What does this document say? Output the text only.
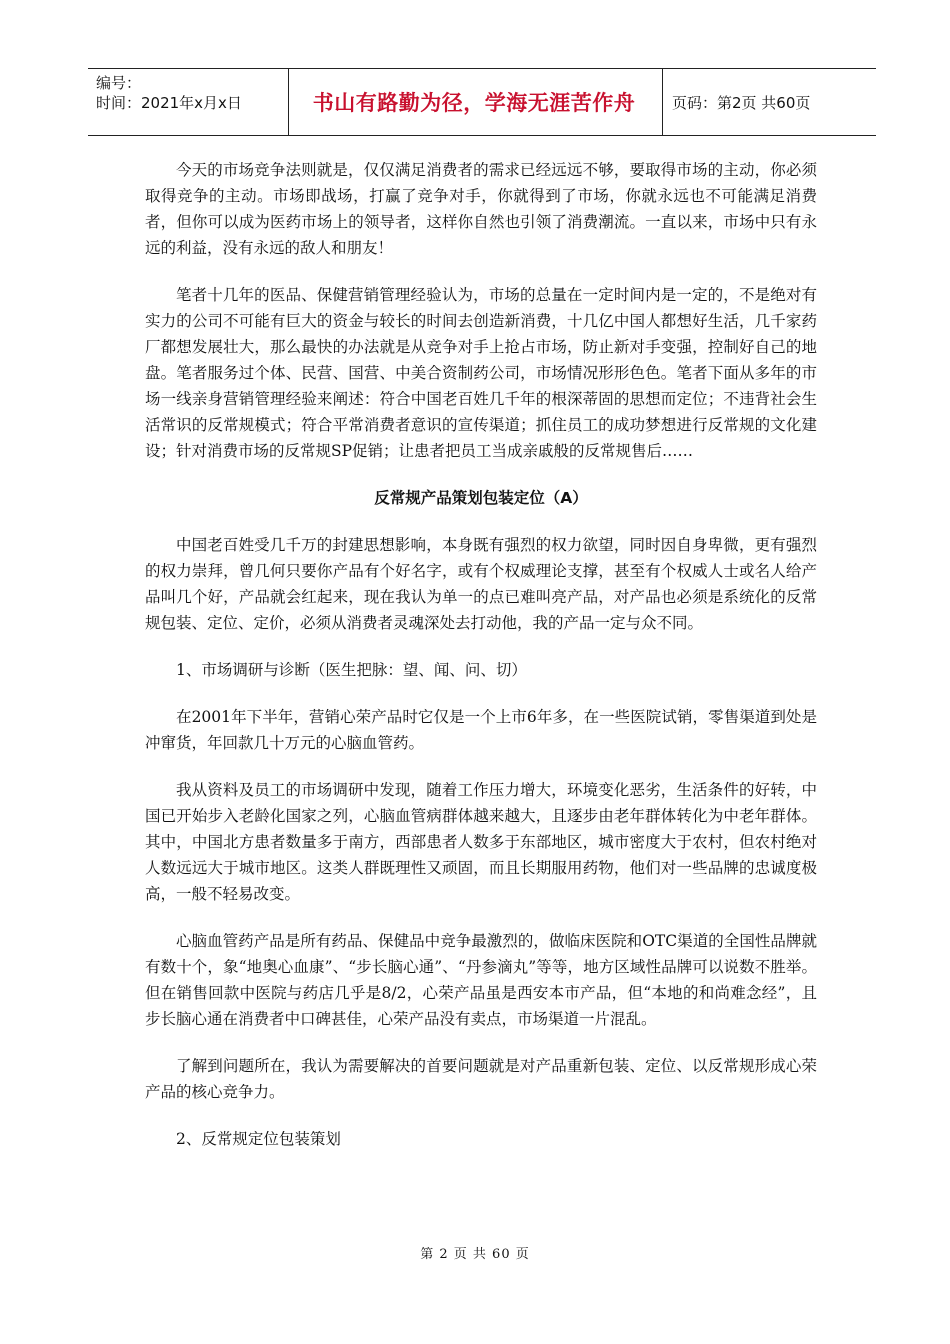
编号：
时间：2021年x月x日	书山有路勤为径，学海无涯苦作舟	页码：第2页 共60页

今天的市场竞争法则就是，仅仅满足消费者的需求已经远远不够，要取得市场的主动，你必须取得竞争的主动。市场即战场，打赢了竞争对手，你就得到了市场，你就永远也不可能满足消费者，但你可以成为医药市场上的领导者，这样你自然也引领了消费潮流。一直以来，市场中只有永远的利益，没有永远的敌人和朋友！

笔者十几年的医品、保健营销管理经验认为，市场的总量在一定时间内是一定的，不是绝对有实力的公司不可能有巨大的资金与较长的时间去创造新消费，十几亿中国人都想好生活，几千家药厂都想发展壮大，那么最快的办法就是从竞争对手上抢占市场，防止新对手变强，控制好自己的地盘。笔者服务过个体、民营、国营、中美合资制药公司，市场情况形形色色。笔者下面从多年的市场一线亲身营销管理经验来阐述：符合中国老百姓几千年的根深蒂固的思想而定位；不违背社会生活常识的反常规模式；符合平常消费者意识的宣传渠道；抓住员工的成功梦想进行反常规的文化建设；针对消费市场的反常规SP促销；让患者把员工当成亲戚般的反常规售后……

反常规产品策划包装定位（A）

中国老百姓受几千万的封建思想影响，本身既有强烈的权力欲望，同时因自身卑微，更有强烈的权力崇拜，曾几何只要你产品有个好名字，或有个权威理论支撑，甚至有个权威人士或名人给产品叫几个好，产品就会红起来，现在我认为单一的点已难叫亮产品，对产品也必须是系统化的反常规包装、定位、定价，必须从消费者灵魂深处去打动他，我的产品一定与众不同。

1、市场调研与诊断（医生把脉：望、闻、问、切）

在2001年下半年，营销心荣产品时它仅是一个上市6年多，在一些医院试销，零售渠道到处是冲窜货，年回款几十万元的心脑血管药。

我从资料及员工的市场调研中发现，随着工作压力增大，环境变化恶劣，生活条件的好转，中国已开始步入老龄化国家之列，心脑血管病群体越来越大，且逐步由老年群体转化为中老年群体。其中，中国北方患者数量多于南方，西部患者人数多于东部地区，城市密度大于农村，但农村绝对人数远远大于城市地区。这类人群既理性又顽固，而且长期服用药物，他们对一些品牌的忠诚度极高，一般不轻易改变。

心脑血管药产品是所有药品、保健品中竞争最激烈的，做临床医院和OTC渠道的全国性品牌就有数十个，象“地奥心血康”、“步长脑心通”、“丹参滴丸”等等，地方区域性品牌可以说数不胜举。但在销售回款中医院与药店几乎是8/2，心荣产品虽是西安本市产品，但“本地的和尚难念经”，且步长脑心通在消费者中口碑甚佳，心荣产品没有卖点，市场渠道一片混乱。

了解到问题所在，我认为需要解决的首要问题就是对产品重新包装、定位、以反常规形成心荣产品的核心竞争力。

2、反常规定位包装策划

第 2 页 共 60 页
